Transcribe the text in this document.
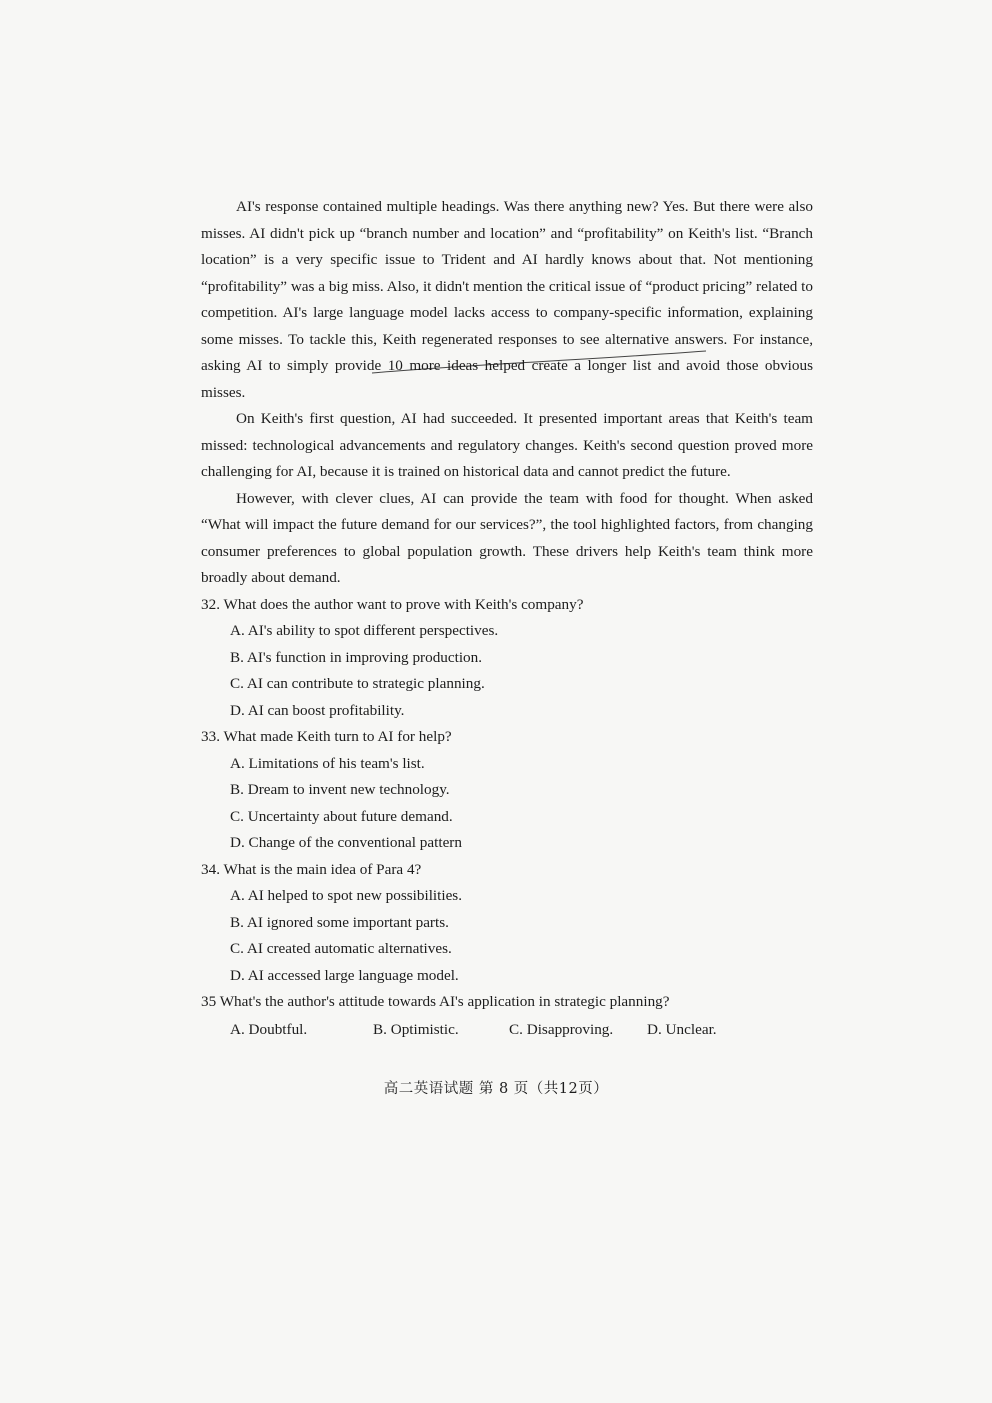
AI's response contained multiple headings. Was there anything new? Yes. But there were also misses. AI didn't pick up “branch number and location” and “profitability” on Keith's list. “Branch location” is a very specific issue to Trident and AI hardly knows about that. Not mentioning “profitability” was a big miss. Also, it didn't mention the critical issue of “product pricing” related to competition. AI's large language model lacks access to company-specific information, explaining some misses. To tackle this, Keith regenerated responses to see alternative answers. For instance, asking AI to simply provide 10 more ideas helped create a longer list and avoid those obvious misses.

On Keith's first question, AI had succeeded. It presented important areas that Keith's team missed: technological advancements and regulatory changes. Keith's second question proved more challenging for AI, because it is trained on historical data and cannot predict the future.

However, with clever clues, AI can provide the team with food for thought. When asked “What will impact the future demand for our services?”, the tool highlighted factors, from changing consumer preferences to global population growth. These drivers help Keith's team think more broadly about demand.

32. What does the author want to prove with Keith's company?
A. AI's ability to spot different perspectives.
B. AI's function in improving production.
C. AI can contribute to strategic planning.
D. AI can boost profitability.
33. What made Keith turn to AI for help?
A. Limitations of his team's list.
B. Dream to invent new technology.
C. Uncertainty about future demand.
D. Change of the conventional pattern
34. What is the main idea of Para 4?
A. AI helped to spot new possibilities.
B. AI ignored some important parts.
C. AI created automatic alternatives.
D. AI accessed large language model.
35 What's the author's attitude towards AI's application in strategic planning?
A. Doubtful.	B. Optimistic.	C. Disapproving.	D. Unclear.
高二英语试题 第 8 页（共12页）
